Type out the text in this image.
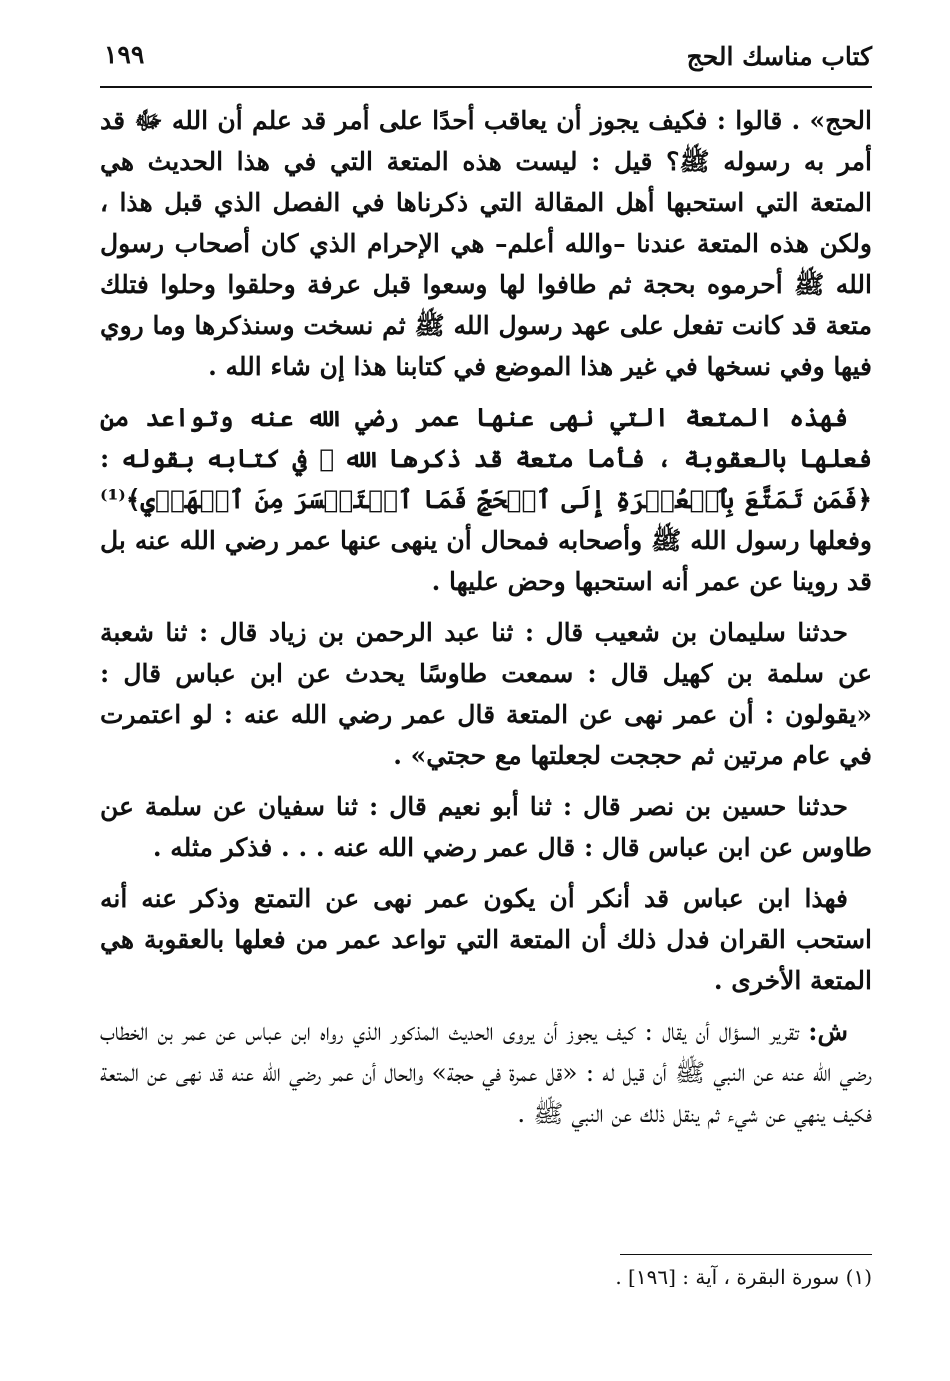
كتاب مناسك الحج
١٩٩

الحج» . قالوا : فكيف يجوز أن يعاقب أحدًا على أمر قد علم أن الله ﷻ قد أمر به رسوله ﷺ؟ قيل : ليست هذه المتعة التي في هذا الحديث هي المتعة التي استحبها أهل المقالة التي ذكرناها في الفصل الذي قبل هذا ، ولكن هذه المتعة عندنا –والله أعلم– هي الإحرام الذي كان أصحاب رسول الله ﷺ أحرموه بحجة ثم طافوا لها وسعوا قبل عرفة وحلقوا وحلوا فتلك متعة قد كانت تفعل على عهد رسول الله ﷺ ثم نسخت وسنذكرها وما روي فيها وفي نسخها في غير هذا الموضع في كتابنا هذا إن شاء الله .

فهذه المتعة التي نهى عنها عمر رضي الله عنه وتواعد من فعلها بالعقوبة ، فأما متعة قد ذكرها الله ﷻ في كتابه بقوله : ﴿فَمَن تَمَتَّعَ بِٱلۡعُمۡرَةِ إِلَى ٱلۡحَجِّ فَمَا ٱسۡتَيۡسَرَ مِنَ ٱلۡهَدۡيِ﴾⁽¹⁾ وفعلها رسول الله ﷺ وأصحابه فمحال أن ينهى عنها عمر رضي الله عنه بل قد روينا عن عمر أنه استحبها وحض عليها .

حدثنا سليمان بن شعيب قال : ثنا عبد الرحمن بن زياد قال : ثنا شعبة عن سلمة بن كهيل قال : سمعت طاوسًا يحدث عن ابن عباس قال : «يقولون : أن عمر نهى عن المتعة قال عمر رضي الله عنه : لو اعتمرت في عام مرتين ثم حججت لجعلتها مع حجتي» .

حدثنا حسين بن نصر قال : ثنا أبو نعيم قال : ثنا سفيان عن سلمة عن طاوس عن ابن عباس قال : قال عمر رضي الله عنه . . . فذكر مثله .

فهذا ابن عباس قد أنكر أن يكون عمر نهى عن التمتع وذكر عنه أنه استحب القران فدل ذلك أن المتعة التي تواعد عمر من فعلها بالعقوبة هي المتعة الأخرى .

ش: تقرير السؤال أن يقال : كيف يجوز أن يروى الحديث المذكور الذي رواه ابن عباس عن عمر بن الخطاب رضي الله عنه عن النبي ﷺ أن قيل له : «قل عمرة في حجة» والحال أن عمر رضي الله عنه قد نهى عن المتعة فكيف ينهي عن شيء ثم ينقل ذلك عن النبي ﷺ .

(١) سورة البقرة ، آية : [١٩٦] .
